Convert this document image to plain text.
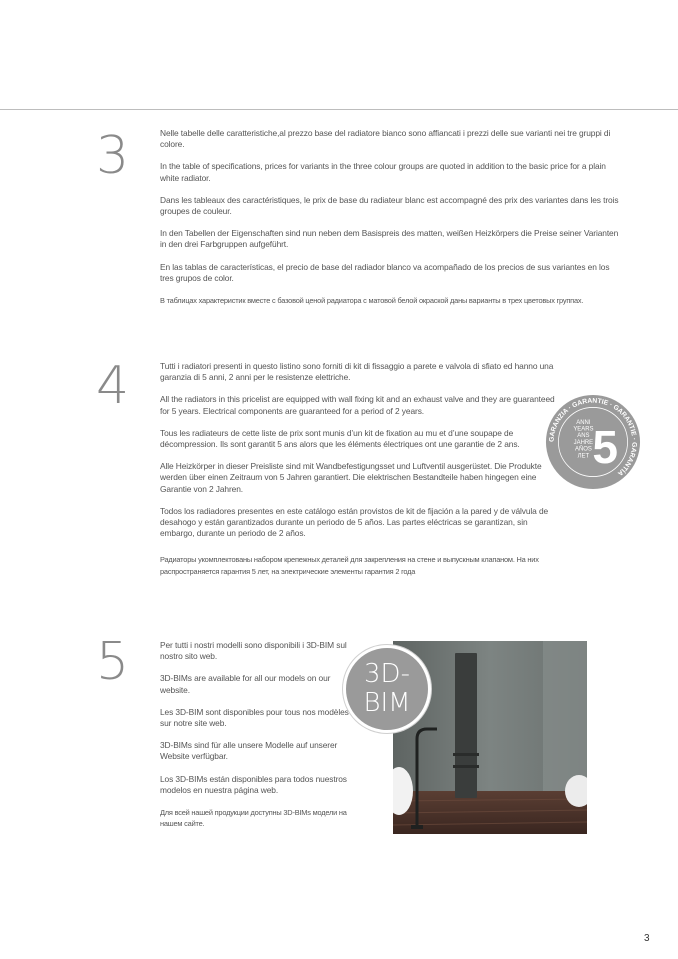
3	Nelle tabelle delle caratteristiche,al prezzo base del radiatore bianco sono affiancati i prezzi delle sue varianti nei tre gruppi di colore.

In the table of specifications, prices for variants in the three colour groups are quoted in addition to the basic price for a plain white radiator.

Dans les tableaux des caractéristiques, le prix de base du radiateur blanc est accompagné des prix des variantes dans les trois groupes de couleur.

In den Tabellen der Eigenschaften sind nun neben dem Basispreis des matten, weißen Heizkörpers die Preise seiner Varianten in den drei Farbgruppen aufgeführt.

En las tablas de características, el precio de base del radiador blanco va acompañado de los precios de sus variantes en los tres grupos de color.

В таблицах характеристик вместе с базовой ценой радиатора с матовой белой окраской даны варианты в трех цветовых группах.

4	Tutti i radiatori presenti in questo listino sono forniti di kit di fissaggio a parete e valvola di sfiato ed hanno una garanzia di 5 anni, 2 anni per le resistenze elettriche.

All the radiators in this pricelist are equipped with wall fixing kit and an exhaust valve and they are guaranteed for 5 years. Electrical components are guaranteed for a period of 2 years.

Tous les radiateurs de cette liste de prix sont munis d’un kit de fixation au mu et d’une soupape de décompression. Ils sont garantit 5 ans alors que les éléments électriques ont une garantie de 2 ans.

Alle Heizkörper in dieser Preisliste sind mit Wandbefestigungsset und Luftventil ausgerüstet. Die Produkte werden über einen Zeitraum von 5 Jahren garantiert. Die elektrischen Bestandteile haben hingegen eine Garantie von 2 Jahren.

Todos los radiadores presentes en este catálogo están provistos de kit de fijación a la pared y de válvula de desahogo y están garantizados durante un periodo de 5 años. Las partes eléctricas se garantizan, sin embargo, durante un periodo de 2 años.

Радиаторы укомплектованы набором крепежных деталей для закрепления на стене и выпускным клапаном. На них распространяется гарантия 5 лет, на электрические элементы гарантия 2 года

GARANZIA · GARANTIE · GARANTIE · GARANTÍA
5
ANNI
YEARS
ANS
JAHRE
AÑOS
ЛЕТ
5	Per tutti i nostri modelli sono disponibili i 3D-BIM sul nostro sito web.

3D-BIMs are available for all our models on our website.

Les 3D-BIM sont disponibles pour tous nos modèles sur notre site web.

3D-BIMs sind für alle unsere Modelle auf unserer Website verfügbar.

Los 3D-BIMs están disponibles para todos nuestros modelos en nuestra página web.

Для всей нашей продукции доступны 3D-BIMs модели на нашем сайте.

3D-
BIM
3
